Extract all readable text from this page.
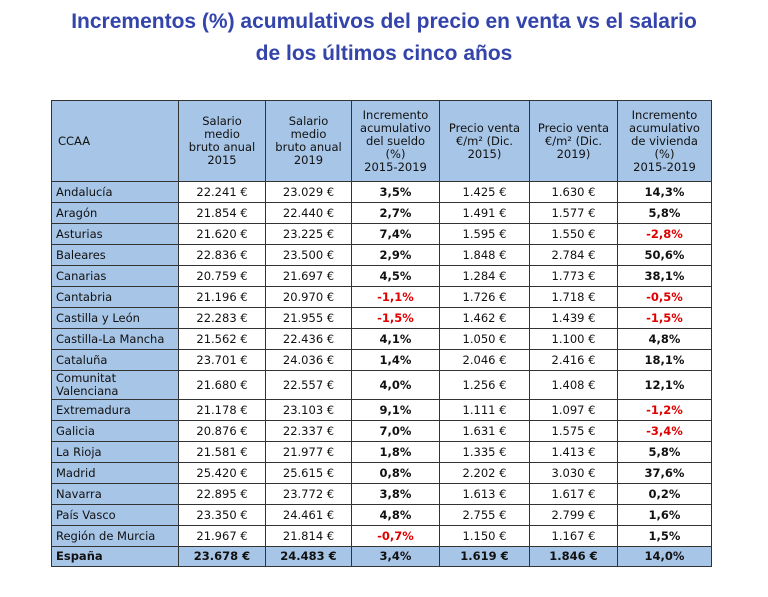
Incrementos (%) acumulativos del precio en venta vs el salario
de los últimos cinco años
CCAA	Salario
medio
bruto anual
2015	Salario
medio
bruto anual
2019	Incremento
acumulativo
del sueldo
(%)
2015-2019	Precio venta
€/m² (Dic.
2015)	Precio venta
€/m² (Dic.
2019)	Incremento
acumulativo
de vivienda
(%)
2015-2019
Andalucía	22.241 €	23.029 €	3,5%	1.425 €	1.630 €	14,3%
Aragón	21.854 €	22.440 €	2,7%	1.491 €	1.577 €	5,8%
Asturias	21.620 €	23.225 €	7,4%	1.595 €	1.550 €	-2,8%
Baleares	22.836 €	23.500 €	2,9%	1.848 €	2.784 €	50,6%
Canarias	20.759 €	21.697 €	4,5%	1.284 €	1.773 €	38,1%
Cantabria	21.196 €	20.970 €	-1,1%	1.726 €	1.718 €	-0,5%
Castilla y León	22.283 €	21.955 €	-1,5%	1.462 €	1.439 €	-1,5%
Castilla-La Mancha	21.562 €	22.436 €	4,1%	1.050 €	1.100 €	4,8%
Cataluña	23.701 €	24.036 €	1,4%	2.046 €	2.416 €	18,1%
Comunitat
Valenciana	21.680 €	22.557 €	4,0%	1.256 €	1.408 €	12,1%
Extremadura	21.178 €	23.103 €	9,1%	1.111 €	1.097 €	-1,2%
Galicia	20.876 €	22.337 €	7,0%	1.631 €	1.575 €	-3,4%
La Rioja	21.581 €	21.977 €	1,8%	1.335 €	1.413 €	5,8%
Madrid	25.420 €	25.615 €	0,8%	2.202 €	3.030 €	37,6%
Navarra	22.895 €	23.772 €	3,8%	1.613 €	1.617 €	0,2%
País Vasco	23.350 €	24.461 €	4,8%	2.755 €	2.799 €	1,6%
Región de Murcia	21.967 €	21.814 €	-0,7%	1.150 €	1.167 €	1,5%
España	23.678 €	24.483 €	3,4%	1.619 €	1.846 €	14,0%
